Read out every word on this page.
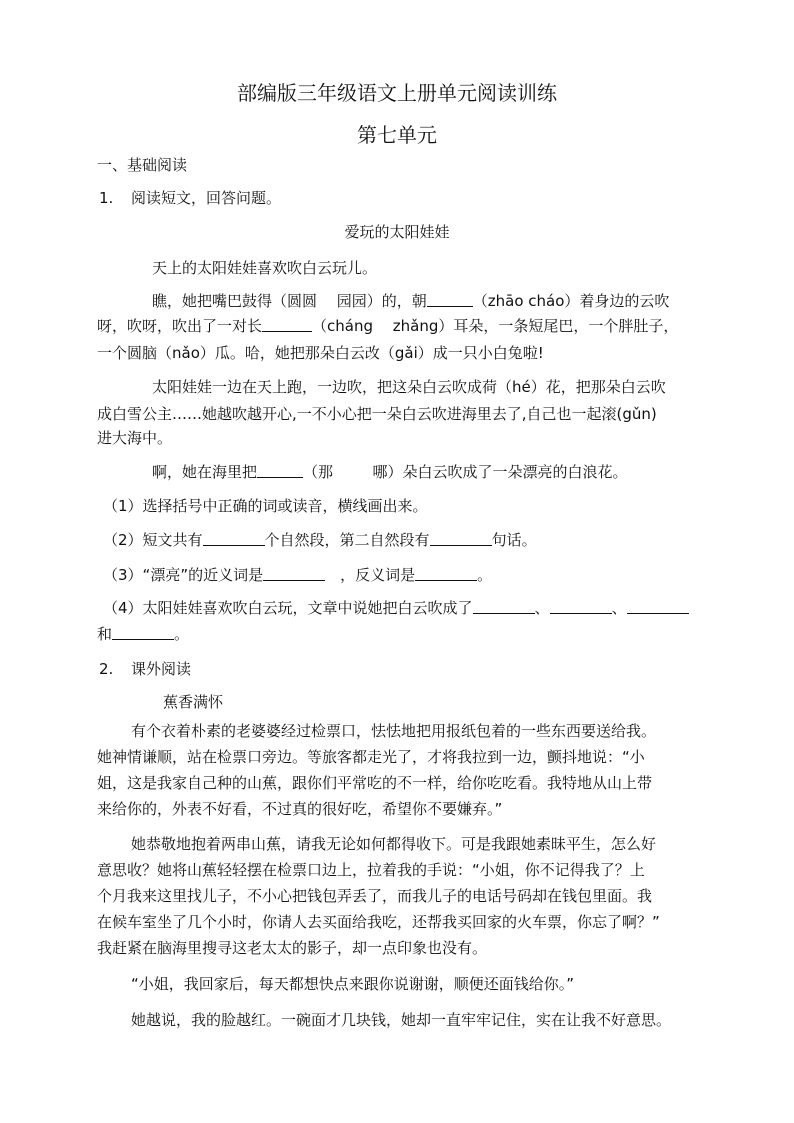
部编版三年级语文上册单元阅读训练
第七单元
一、基础阅读
1. 阅读短文，回答问题。
爱玩的太阳娃娃
天上的太阳娃娃喜欢吹白云玩儿。
瞧，她把嘴巴鼓得（圆圆　 园园）的，朝	（zhāo cháo）着身边的云吹
呀，吹呀，吹出了一对长	（cháng　 zhǎng）耳朵，一条短尾巴，一个胖肚子，
一个圆脑（nǎo）瓜。哈，她把那朵白云改（gǎi）成一只小白兔啦!
太阳娃娃一边在天上跑，一边吹，把这朵白云吹成荷（hé）花，把那朵白云吹
成白雪公主……她越吹越开心,一不小心把一朵白云吹进海里去了,自己也一起滚(gǔn)
进大海中。
啊，她在海里把	（那　 　 哪）朵白云吹成了一朵漂亮的白浪花。
（1）选择括号中正确的词或读音，横线画出来。
（2）短文共有	个自然段，第二自然段有	句话。
（3）“漂亮”的近义词是	　，反义词是	。
（4）太阳娃娃喜欢吹白云玩，文章中说她把白云吹成了	、	、
和	。
2. 课外阅读
蕉香满怀
有个衣着朴素的老婆婆经过检票口，怯怯地把用报纸包着的一些东西要送给我。
她神情谦顺，站在检票口旁边。等旅客都走光了，才将我拉到一边，颤抖地说：“小
姐，这是我家自己种的山蕉，跟你们平常吃的不一样，给你吃吃看。我特地从山上带
来给你的，外表不好看，不过真的很好吃，希望你不要嫌弃。”
她恭敬地抱着两串山蕉，请我无论如何都得收下。可是我跟她素昧平生，怎么好
意思收？她将山蕉轻轻摆在检票口边上，拉着我的手说：“小姐，你不记得我了？上
个月我来这里找儿子，不小心把钱包弄丢了，而我儿子的电话号码却在钱包里面。我
在候车室坐了几个小时，你请人去买面给我吃，还帮我买回家的火车票，你忘了啊？”
我赶紧在脑海里搜寻这老太太的影子，却一点印象也没有。
“小姐，我回家后，每天都想快点来跟你说谢谢，顺便还面钱给你。”
她越说，我的脸越红。一碗面才几块钱，她却一直牢牢记住，实在让我不好意思。
